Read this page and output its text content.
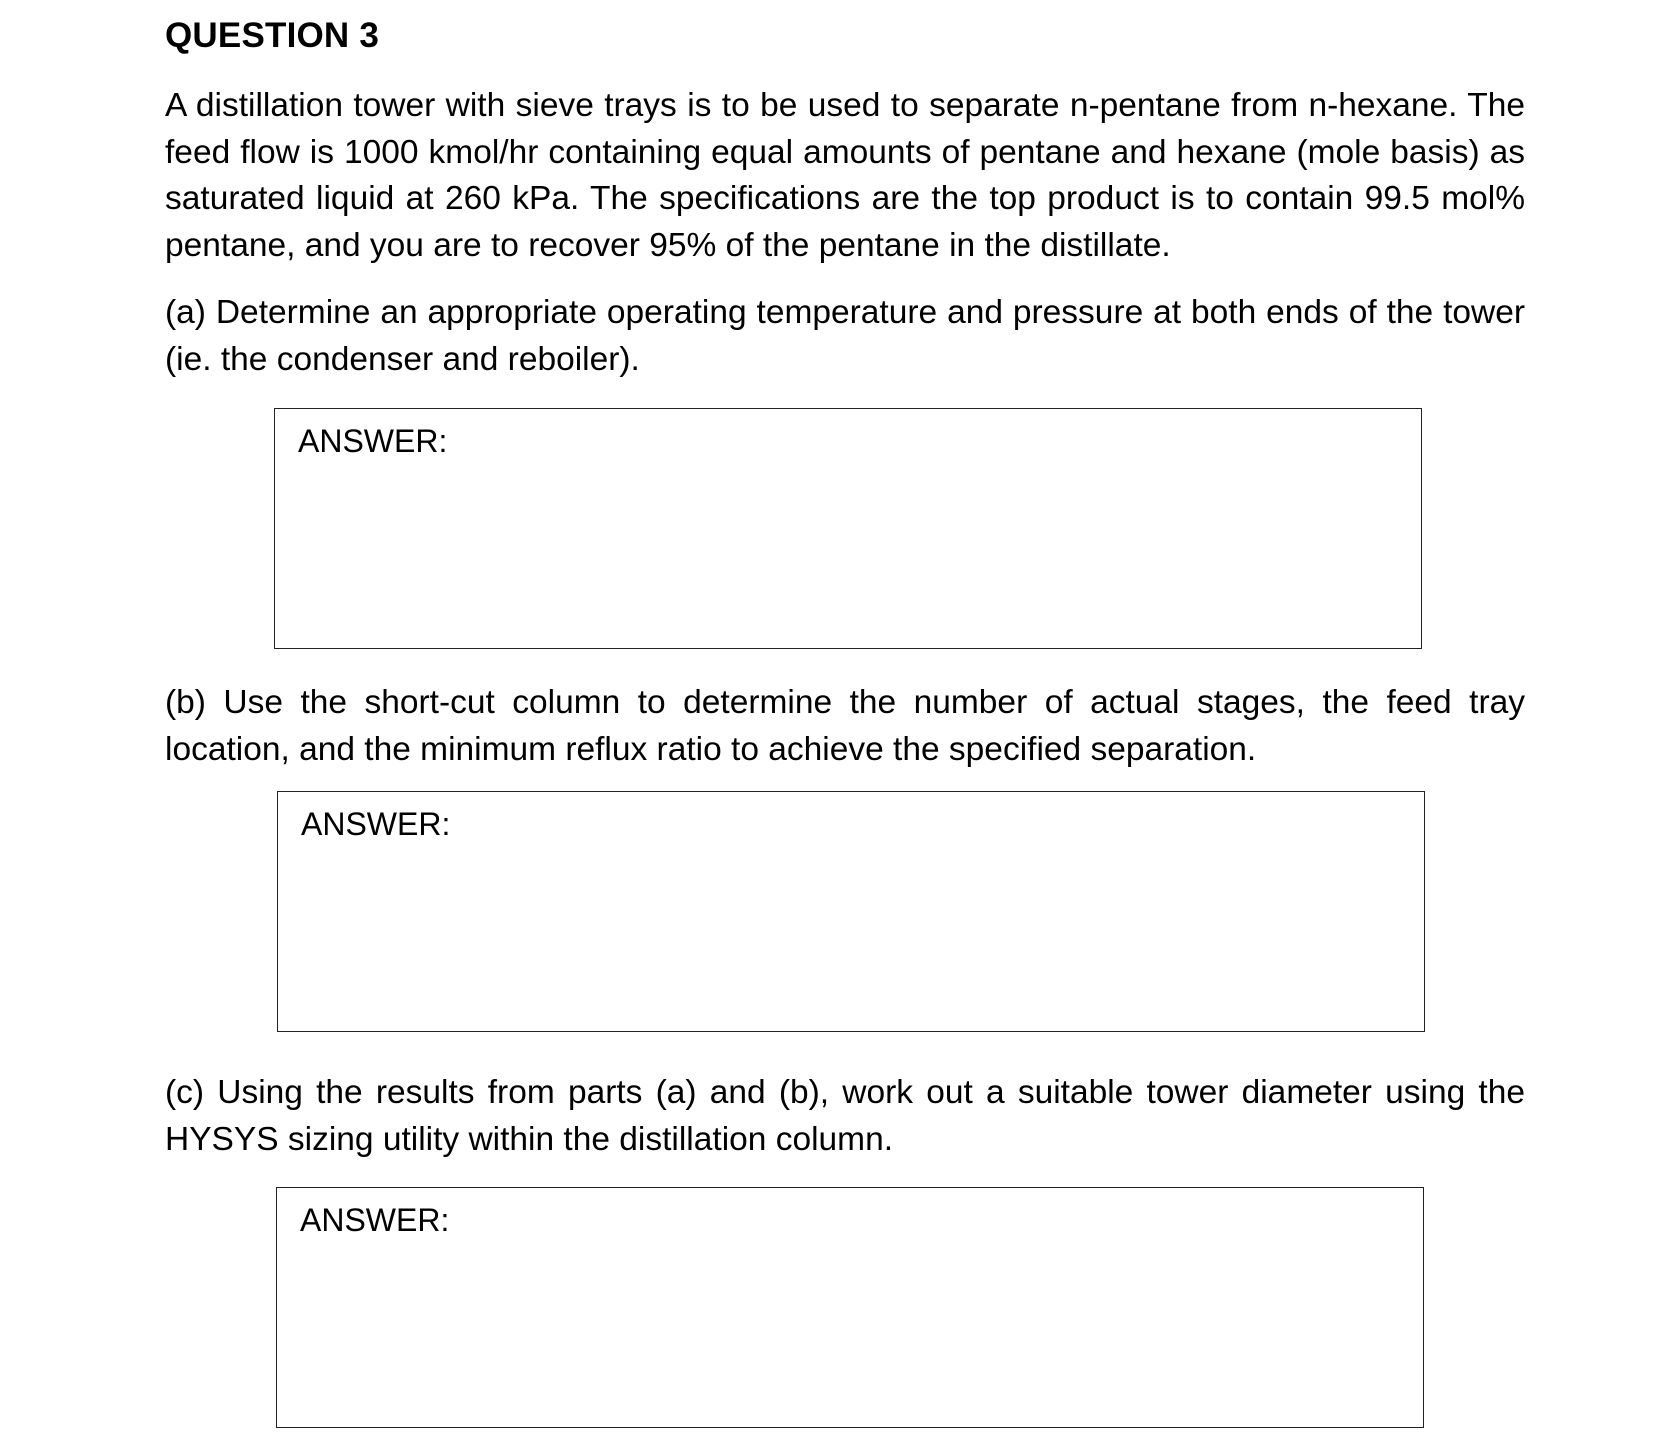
QUESTION 3

A distillation tower with sieve trays is to be used to separate n-pentane from n-hexane. The feed flow is 1000 kmol/hr containing equal amounts of pentane and hexane (mole basis) as saturated liquid at 260 kPa. The specifications are the top product is to contain 99.5 mol% pentane, and you are to recover 95% of the pentane in the distillate.

(a) Determine an appropriate operating temperature and pressure at both ends of the tower (ie. the condenser and reboiler).

ANSWER:

(b) Use the short-cut column to determine the number of actual stages, the feed tray location, and the minimum reflux ratio to achieve the specified separation.

ANSWER:

(c) Using the results from parts (a) and (b), work out a suitable tower diameter using the HYSYS sizing utility within the distillation column.

ANSWER:
